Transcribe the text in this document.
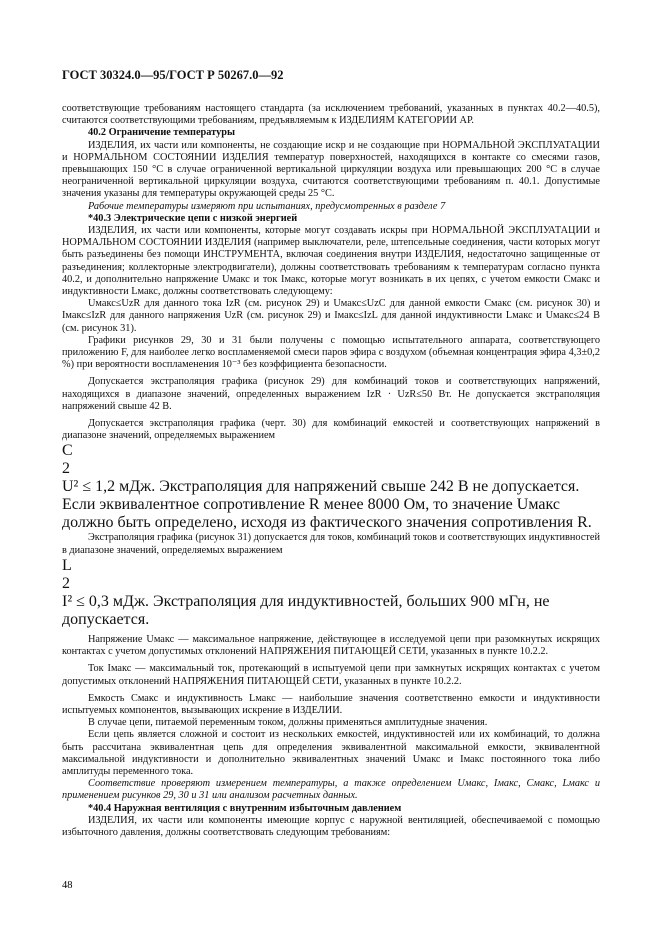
ГОСТ 30324.0—95/ГОСТ Р 50267.0—92

соответствующие требованиям настоящего стандарта (за исключением требований, указанных в пунктах 40.2—40.5), считаются соответствующими требованиям, предъявляемым к ИЗДЕЛИЯМ КАТЕГОРИИ АР.

40.2 Ограничение температуры

ИЗДЕЛИЯ, их части или компоненты, не создающие искр и не создающие при НОРМАЛЬНОЙ ЭКСПЛУАТАЦИИ и НОРМАЛЬНОМ СОСТОЯНИИ ИЗДЕЛИЯ температур поверхностей, находящихся в контакте со смесями газов, превышающих 150 °С в случае ограниченной вертикальной циркуляции воздуха или превышающих 200 °С в случае неограниченной вертикальной циркуляции воздуха, считаются соответствующими требованиям п. 40.1. Допустимые значения указаны для температуры окружающей среды 25 °С.

Рабочие температуры измеряют при испытаниях, предусмотренных в разделе 7

*40.3 Электрические цепи с низкой энергией

ИЗДЕЛИЯ, их части или компоненты, которые могут создавать искры при НОРМАЛЬНОЙ ЭКСПЛУАТАЦИИ и НОРМАЛЬНОМ СОСТОЯНИИ ИЗДЕЛИЯ (например выключатели, реле, штепсельные соединения, части которых могут быть разъединены без помощи ИНСТРУМЕНТА, включая соединения внутри ИЗДЕЛИЯ, недостаточно защищенные от разъединения; коллекторные электродвигатели), должны соответствовать требованиям к температурам согласно пункта 40.2, и дополнительно напряжение Uмакс и ток Iмакс, которые могут возникать в их цепях, с учетом емкости Cмакс и индуктивности Lмакс, должны соответствовать следующему:

Uмакс≤UzR для данного тока IzR (см. рисунок 29) и Uмакс≤UzC для данной емкости Cмакс (см. рисунок 30) и Iмакс≤IzR для данного напряжения UzR (см. рисунок 29) и Iмакс≤IzL для данной индуктивности Lмакс и Uмакс≤24 В (см. рисунок 31).

Графики рисунков 29, 30 и 31 были получены с помощью испытательного аппарата, соответствующего приложению F, для наиболее легко воспламеняемой смеси паров эфира с воздухом (объемная концентрация эфира 4,3±0,2 %) при вероятности воспламенения 10⁻³ без коэффициента безопасности.

Допускается экстраполяция графика (рисунок 29) для комбинаций токов и соответствующих напряжений, находящихся в диапазоне значений, определенных выражением IzR · UzR≤50 Вт. Не допускается экстраполяция напряжений свыше 42 В.

Допускается экстраполяция графика (черт. 30) для комбинаций емкостей и соответствующих напряжений в диапазоне значений, определяемых выражением

C
2
U² ≤ 1,2 мДж. Экстраполяция для напряжений свыше 242 В не допускается. Если эквивалентное сопротивление R менее 8000 Ом, то значение Uмакс должно быть определено, исходя из фактического значения сопротивления R.

Экстраполяция графика (рисунок 31) допускается для токов, комбинаций токов и соответствующих индуктивностей в диапазоне значений, определяемых выражением

L
2
I² ≤ 0,3 мДж. Экстраполяция для индуктивностей, больших 900 мГн, не допускается.

Напряжение Uмакс — максимальное напряжение, действующее в исследуемой цепи при разомкнутых искрящих контактах с учетом допустимых отклонений НАПРЯЖЕНИЯ ПИТАЮЩЕЙ СЕТИ, указанных в пункте 10.2.2.

Ток Iмакс — максимальный ток, протекающий в испытуемой цепи при замкнутых искрящих контактах с учетом допустимых отклонений НАПРЯЖЕНИЯ ПИТАЮЩЕЙ СЕТИ, указанных в пункте 10.2.2.

Емкость Cмакс и индуктивность Lмакс — наибольшие значения соответственно емкости и индуктивности испытуемых компонентов, вызывающих искрение в ИЗДЕЛИИ.

В случае цепи, питаемой переменным током, должны применяться амплитудные значения.

Если цепь является сложной и состоит из нескольких емкостей, индуктивностей или их комбинаций, то должна быть рассчитана эквивалентная цепь для определения эквивалентной максимальной емкости, эквивалентной максимальной индуктивности и дополнительно эквивалентных значений Uмакс и Iмакс постоянного тока либо амплитуды переменного тока.

Соответствие проверяют измерением температуры, а также определением Uмакс, Iмакс, Cмакс, Lмакс и применением рисунков 29, 30 и 31 или анализом расчетных данных.

*40.4 Наружная вентиляция с внутренним избыточным давлением

ИЗДЕЛИЯ, их части или компоненты имеющие корпус с наружной вентиляцией, обеспечиваемой с помощью избыточного давления, должны соответствовать следующим требованиям:

48
